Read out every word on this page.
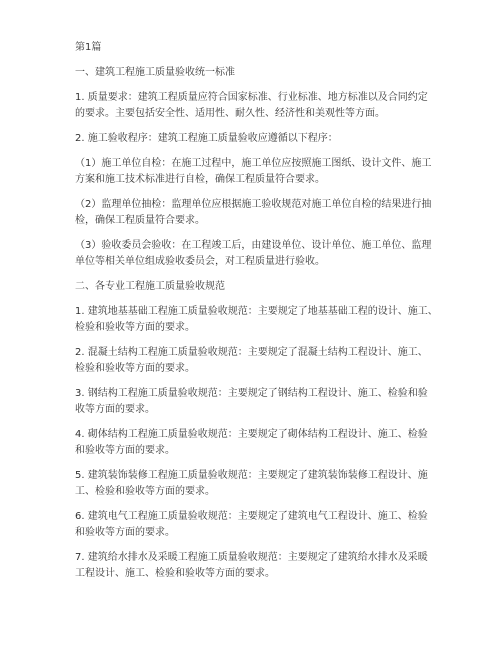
第1篇

一、建筑工程施工质量验收统一标准

1. 质量要求：建筑工程质量应符合国家标准、行业标准、地方标准以及合同约定

的要求。主要包括安全性、适用性、耐久性、经济性和美观性等方面。

2. 施工验收程序：建筑工程施工质量验收应遵循以下程序：

（1）施工单位自检：在施工过程中，施工单位应按照施工图纸、设计文件、施工

方案和施工技术标准进行自检，确保工程质量符合要求。

（2）监理单位抽检：监理单位应根据施工验收规范对施工单位自检的结果进行抽

检，确保工程质量符合要求。

（3）验收委员会验收：在工程竣工后，由建设单位、设计单位、施工单位、监理

单位等相关单位组成验收委员会，对工程质量进行验收。

二、各专业工程施工质量验收规范

1. 建筑地基基础工程施工质量验收规范：主要规定了地基基础工程的设计、施工、

检验和验收等方面的要求。

2. 混凝土结构工程施工质量验收规范：主要规定了混凝土结构工程设计、施工、

检验和验收等方面的要求。

3. 钢结构工程施工质量验收规范：主要规定了钢结构工程设计、施工、检验和验

收等方面的要求。

4. 砌体结构工程施工质量验收规范：主要规定了砌体结构工程设计、施工、检验

和验收等方面的要求。

5. 建筑装饰装修工程施工质量验收规范：主要规定了建筑装饰装修工程设计、施

工、检验和验收等方面的要求。

6. 建筑电气工程施工质量验收规范：主要规定了建筑电气工程设计、施工、检验

和验收等方面的要求。

7. 建筑给水排水及采暖工程施工质量验收规范：主要规定了建筑给水排水及采暖

工程设计、施工、检验和验收等方面的要求。
